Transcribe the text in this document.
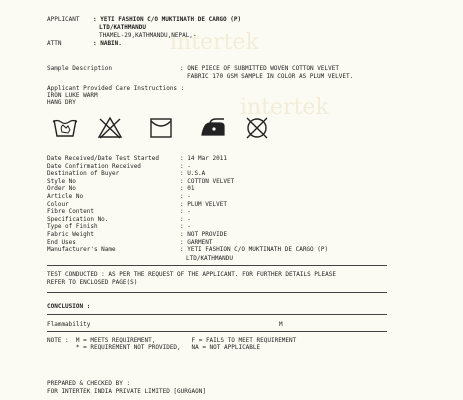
intertek
intertek
APPLICANT : YETI FASHION C/O MUKTINATH DE CARGO (P)
LTD/KATHMANDU
THAMEL-29,KATHMANDU,NEPAL,-
ATTN	: NABIN.
Sample Description	: ONE PIECE OF SUBMITTED WOVEN COTTON VELVET
FABRIC 170 GSM SAMPLE IN COLOR AS PLUM VELVET.
Applicant Provided Care Instructions :
IRON LUKE WARM
HANG DRY
Date Received/Date Test Started	: 14 Mar 2011
Date Confirmation Received	: -
Destination of Buyer	: U.S.A
Style No	: COTTON VELVET
Order No	: 01
Article No	: -
Colour	: PLUM VELVET
Fibre Content	: -
Specification No.	: -
Type of Finish	: -
Fabric Weight	: NOT PROVIDE
End Uses	: GARMENT
Manufacturer's Name	: YETI FASHION C/O MUKTINATH DE CARGO (P)
LTD/KATHMANDU
TEST CONDUCTED : AS PER THE REQUEST OF THE APPLICANT. FOR FURTHER DETAILS PLEASE
REFER TO ENCLOSED PAGE(S)
CONCLUSION :
Flammability	M
NOTE :  M = MEETS REQUIREMENT,          F = FAILS TO MEET REQUIREMENT
* = REQUIREMENT NOT PROVIDED,   NA = NOT APPLICABLE
PREPARED & CHECKED BY :
FOR INTERTEK INDIA PRIVATE LIMITED [GURGAON]
